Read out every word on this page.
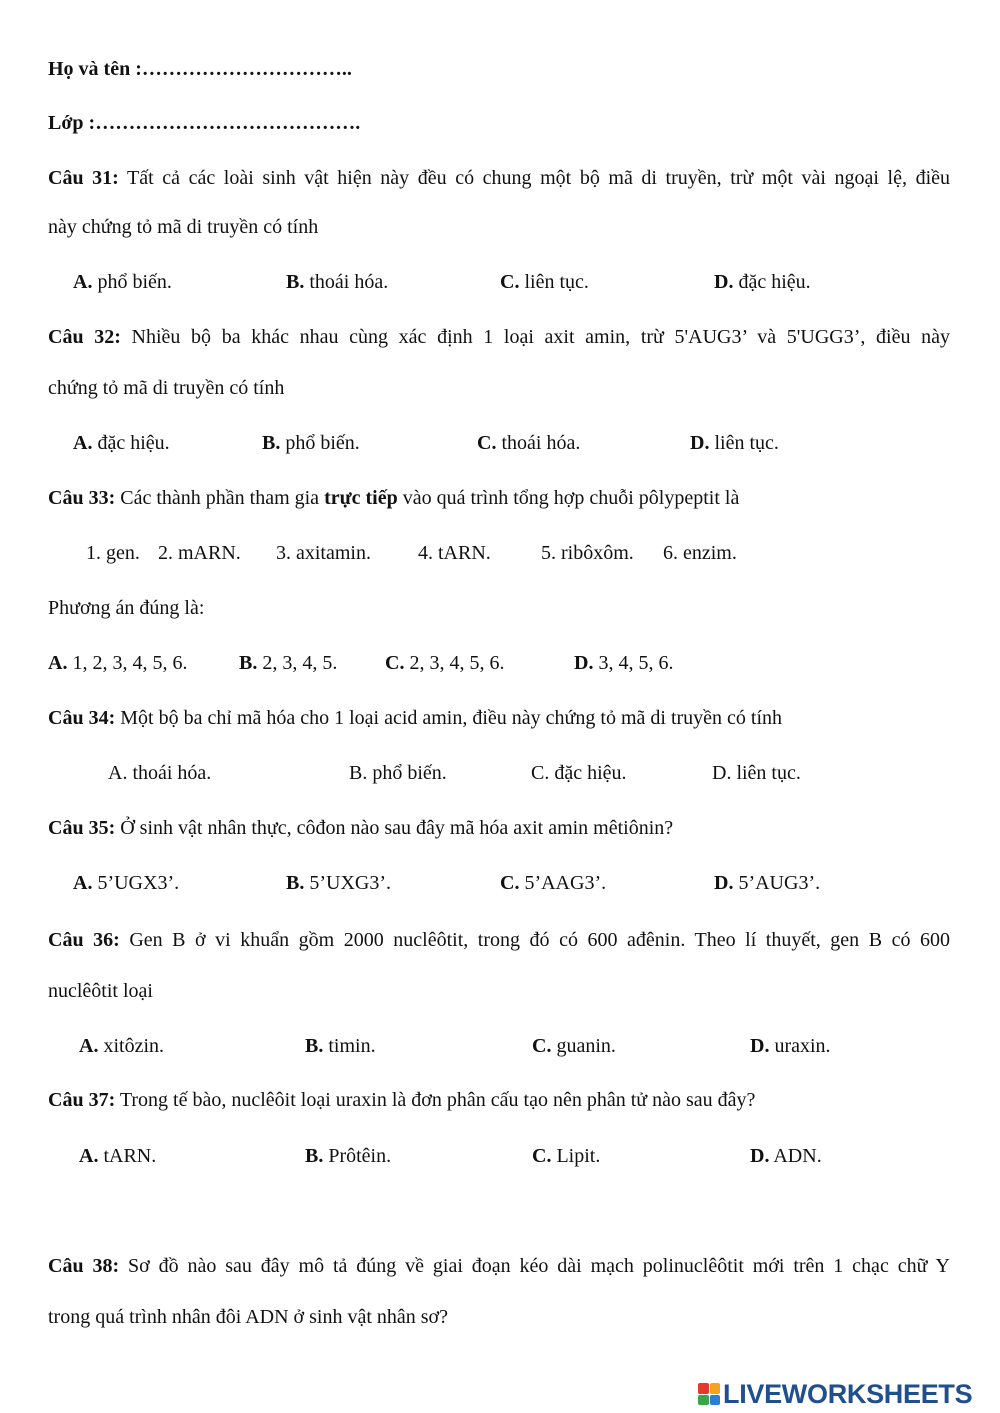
Họ và tên :…………………………..
Lớp :………………………………….
Câu 31: Tất cả các loài sinh vật hiện này đều có chung một bộ mã di truyền, trừ một vài ngoại lệ, điều
này chứng tỏ mã di truyền có tính
A. phổ biến.	B. thoái hóa.	C. liên tục.	D. đặc hiệu.
Câu 32: Nhiều bộ ba khác nhau cùng xác định 1 loại axit amin, trừ 5'AUG3’ và 5'UGG3’, điều này
chứng tỏ mã di truyền có tính
A. đặc hiệu.	B. phổ biến.	C. thoái hóa.	D. liên tục.
Câu 33: Các thành phần tham gia trực tiếp vào quá trình tổng hợp chuỗi pôlypeptit là
1. gen. 2. mARN. 3. axitamin. 4. tARN.	5. ribôxôm. 6. enzim.
Phương án đúng là:
A. 1, 2, 3, 4, 5, 6.	B. 2, 3, 4, 5. C. 2, 3, 4, 5, 6.	D. 3, 4, 5, 6.
Câu 34: Một bộ ba chỉ mã hóa cho 1 loại acid amin, điều này chứng tỏ mã di truyền có tính
A. thoái hóa.	B. phổ biến.	C. đặc hiệu.	D. liên tục.
Câu 35: Ở sinh vật nhân thực, côđon nào sau đây mã hóa axit amin mêtiônin?
A. 5’UGX3’.	B. 5’UXG3’.	C. 5’AAG3’.	D. 5’AUG3’.
Câu 36: Gen B ở vi khuẩn gồm 2000 nuclêôtit, trong đó có 600 ađênin. Theo lí thuyết, gen B có 600
nuclêôtit loại
A. xitôzin.	B. timin.	C. guanin.	D. uraxin.
Câu 37: Trong tế bào, nuclêôit loại uraxin là đơn phân cấu tạo nên phân tử nào sau đây?
A. tARN.	B. Prôtêin.	C. Lipit.	D. ADN.
Câu 38: Sơ đồ nào sau đây mô tả đúng về giai đoạn kéo dài mạch polinuclêôtit mới trên 1 chạc chữ Y
trong quá trình nhân đôi ADN ở sinh vật nhân sơ?
LIVEWORKSHEETS
